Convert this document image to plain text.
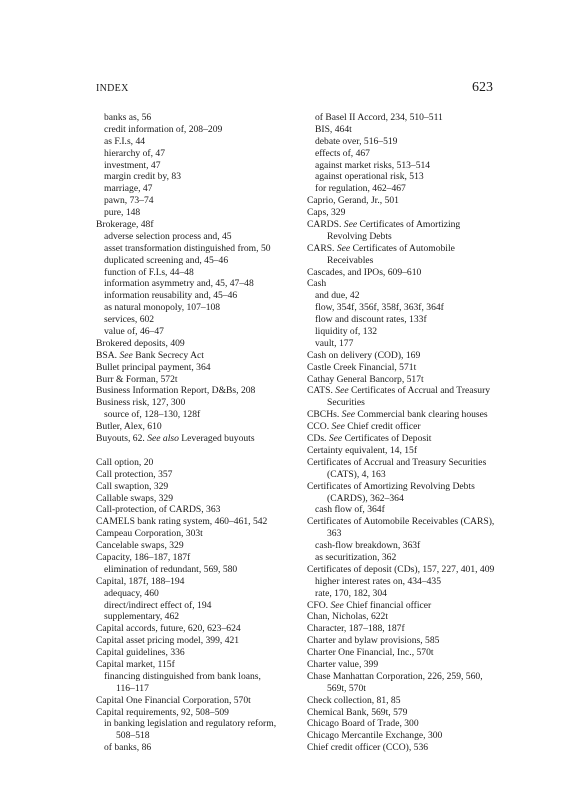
INDEX	623
banks as, 56
credit information of, 208–209
as F.I.s, 44
hierarchy of, 47
investment, 47
margin credit by, 83
marriage, 47
pawn, 73–74
pure, 148
Brokerage, 48f
adverse selection process and, 45
asset transformation distinguished from, 50
duplicated screening and, 45–46
function of F.I.s, 44–48
information asymmetry and, 45, 47–48
information reusability and, 45–46
as natural monopoly, 107–108
services, 602
value of, 46–47
Brokered deposits, 409
BSA. See Bank Secrecy Act
Bullet principal payment, 364
Burr & Forman, 572t
Business Information Report, D&Bs, 208
Business risk, 127, 300
source of, 128–130, 128f
Butler, Alex, 610
Buyouts, 62. See also Leveraged buyouts
Call option, 20
Call protection, 357
Call swaption, 329
Callable swaps, 329
Call-protection, of CARDS, 363
CAMELS bank rating system, 460–461, 542
Campeau Corporation, 303t
Cancelable swaps, 329
Capacity, 186–187, 187f
elimination of redundant, 569, 580
Capital, 187f, 188–194
adequacy, 460
direct/indirect effect of, 194
supplementary, 462
Capital accords, future, 620, 623–624
Capital asset pricing model, 399, 421
Capital guidelines, 336
Capital market, 115f
financing distinguished from bank loans,
116–117
Capital One Financial Corporation, 570t
Capital requirements, 92, 508–509
in banking legislation and regulatory reform,
508–518
of banks, 86
of Basel II Accord, 234, 510–511
BIS, 464t
debate over, 516–519
effects of, 467
against market risks, 513–514
against operational risk, 513
for regulation, 462–467
Caprio, Gerand, Jr., 501
Caps, 329
CARDS. See Certificates of Amortizing
Revolving Debts
CARS. See Certificates of Automobile
Receivables
Cascades, and IPOs, 609–610
Cash
and due, 42
flow, 354f, 356f, 358f, 363f, 364f
flow and discount rates, 133f
liquidity of, 132
vault, 177
Cash on delivery (COD), 169
Castle Creek Financial, 571t
Cathay General Bancorp, 517t
CATS. See Certificates of Accrual and Treasury
Securities
CBCHs. See Commercial bank clearing houses
CCO. See Chief credit officer
CDs. See Certificates of Deposit
Certainty equivalent, 14, 15f
Certificates of Accrual and Treasury Securities
(CATS), 4, 163
Certificates of Amortizing Revolving Debts
(CARDS), 362–364
cash flow of, 364f
Certificates of Automobile Receivables (CARS),
363
cash-flow breakdown, 363f
as securitization, 362
Certificates of deposit (CDs), 157, 227, 401, 409
higher interest rates on, 434–435
rate, 170, 182, 304
CFO. See Chief financial officer
Chan, Nicholas, 622t
Character, 187–188, 187f
Charter and bylaw provisions, 585
Charter One Financial, Inc., 570t
Charter value, 399
Chase Manhattan Corporation, 226, 259, 560,
569t, 570t
Check collection, 81, 85
Chemical Bank, 569t, 579
Chicago Board of Trade, 300
Chicago Mercantile Exchange, 300
Chief credit officer (CCO), 536
